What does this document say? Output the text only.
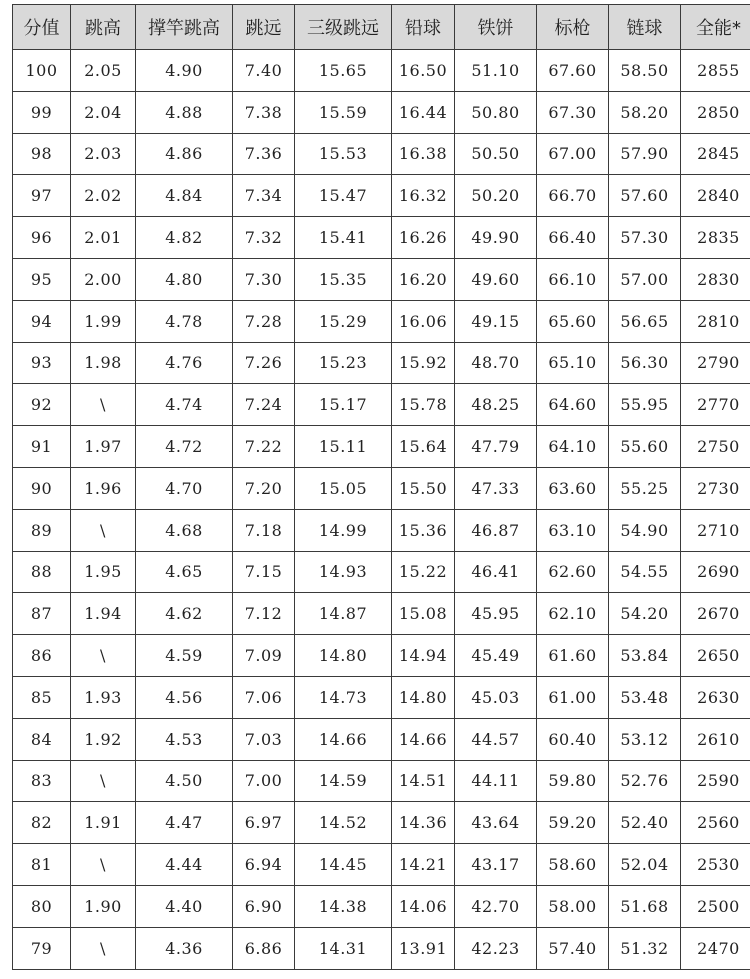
分值	跳高	撑竿跳高	跳远	三级跳远	铅球	铁饼	标枪	链球	全能*
100	2.05	4.90	7.40	15.65	16.50	51.10	67.60	58.50	2855
99	2.04	4.88	7.38	15.59	16.44	50.80	67.30	58.20	2850
98	2.03	4.86	7.36	15.53	16.38	50.50	67.00	57.90	2845
97	2.02	4.84	7.34	15.47	16.32	50.20	66.70	57.60	2840
96	2.01	4.82	7.32	15.41	16.26	49.90	66.40	57.30	2835
95	2.00	4.80	7.30	15.35	16.20	49.60	66.10	57.00	2830
94	1.99	4.78	7.28	15.29	16.06	49.15	65.60	56.65	2810
93	1.98	4.76	7.26	15.23	15.92	48.70	65.10	56.30	2790
92	\	4.74	7.24	15.17	15.78	48.25	64.60	55.95	2770
91	1.97	4.72	7.22	15.11	15.64	47.79	64.10	55.60	2750
90	1.96	4.70	7.20	15.05	15.50	47.33	63.60	55.25	2730
89	\	4.68	7.18	14.99	15.36	46.87	63.10	54.90	2710
88	1.95	4.65	7.15	14.93	15.22	46.41	62.60	54.55	2690
87	1.94	4.62	7.12	14.87	15.08	45.95	62.10	54.20	2670
86	\	4.59	7.09	14.80	14.94	45.49	61.60	53.84	2650
85	1.93	4.56	7.06	14.73	14.80	45.03	61.00	53.48	2630
84	1.92	4.53	7.03	14.66	14.66	44.57	60.40	53.12	2610
83	\	4.50	7.00	14.59	14.51	44.11	59.80	52.76	2590
82	1.91	4.47	6.97	14.52	14.36	43.64	59.20	52.40	2560
81	\	4.44	6.94	14.45	14.21	43.17	58.60	52.04	2530
80	1.90	4.40	6.90	14.38	14.06	42.70	58.00	51.68	2500
79	\	4.36	6.86	14.31	13.91	42.23	57.40	51.32	2470
